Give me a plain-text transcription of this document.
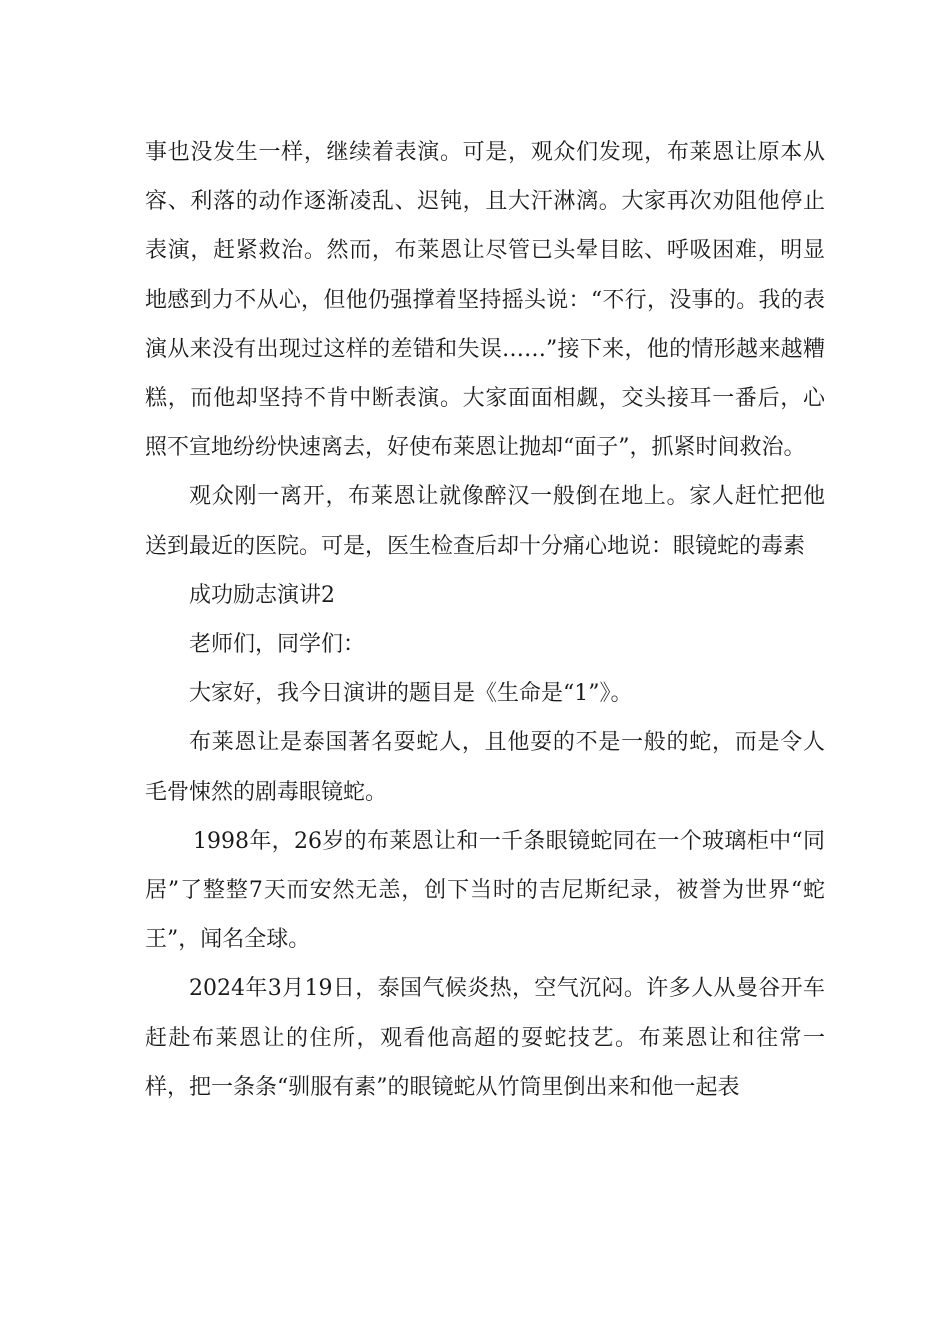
事也没发生一样，继续着表演。可是，观众们发现，布莱恩让原本从容、利落的动作逐渐凌乱、迟钝，且大汗淋漓。大家再次劝阻他停止表演，赶紧救治。然而，布莱恩让尽管已头晕目眩、呼吸困难，明显地感到力不从心，但他仍强撑着坚持摇头说：“不行，没事的。我的表演从来没有出现过这样的差错和失误……”接下来，他的情形越来越糟糕，而他却坚持不肯中断表演。大家面面相觑，交头接耳一番后，心照不宣地纷纷快速离去，好使布莱恩让抛却“面子”，抓紧时间救治。

观众刚一离开，布莱恩让就像醉汉一般倒在地上。家人赶忙把他送到最近的医院。可是，医生检查后却十分痛心地说：眼镜蛇的毒素

成功励志演讲2

老师们，同学们：

大家好，我今日演讲的题目是《生命是“1”》。

布莱恩让是泰国著名耍蛇人，且他耍的不是一般的蛇，而是令人毛骨悚然的剧毒眼镜蛇。

1998年，26岁的布莱恩让和一千条眼镜蛇同在一个玻璃柜中“同居”了整整7天而安然无恙，创下当时的吉尼斯纪录，被誉为世界“蛇王”，闻名全球。

2024年3月19日，泰国气候炎热，空气沉闷。许多人从曼谷开车赶赴布莱恩让的住所，观看他高超的耍蛇技艺。布莱恩让和往常一样，把一条条“驯服有素”的眼镜蛇从竹筒里倒出来和他一起表
